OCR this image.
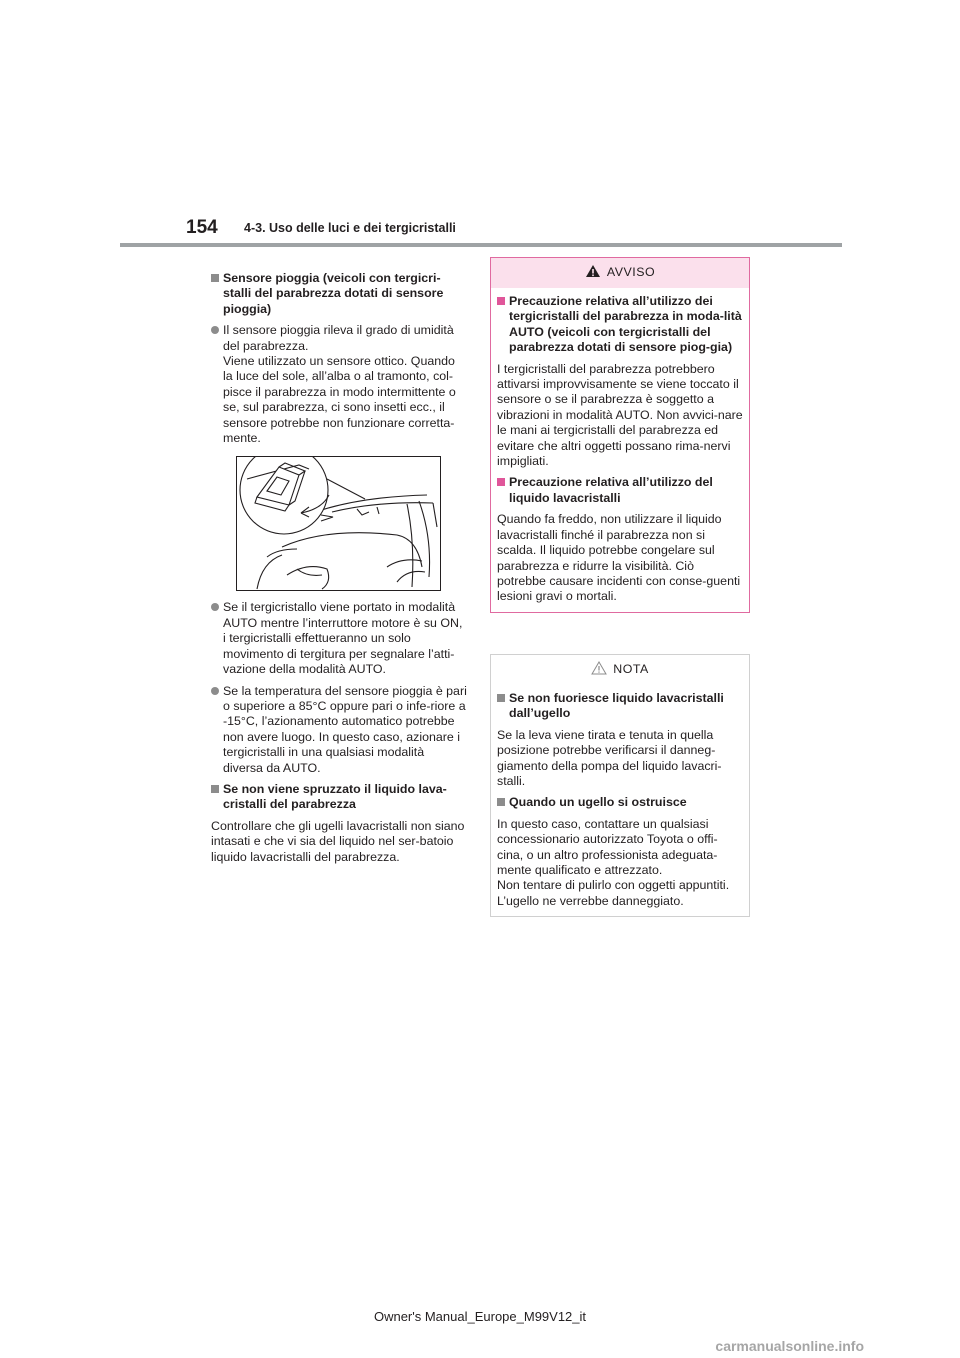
154 4-3. Uso delle luci e dei tergicristalli
Sensore pioggia (veicoli con tergicri-stalli del parabrezza dotati di sensore pioggia)
Il sensore pioggia rileva il grado di umidità del parabrezza.
Viene utilizzato un sensore ottico. Quando la luce del sole, all’alba o al tramonto, col-pisce il parabrezza in modo intermittente o se, sul parabrezza, ci sono insetti ecc., il sensore potrebbe non funzionare corretta-mente.
Se il tergicristallo viene portato in modalità AUTO mentre l’interruttore motore è su ON, i tergicristalli effettueranno un solo movimento di tergitura per segnalare l’atti-vazione della modalità AUTO.
Se la temperatura del sensore pioggia è pari o superiore a 85°C oppure pari o infe-riore a -15°C, l’azionamento automatico potrebbe non avere luogo. In questo caso, azionare i tergicristalli in una qualsiasi modalità diversa da AUTO.
Se non viene spruzzato il liquido lava-cristalli del parabrezza
Controllare che gli ugelli lavacristalli non siano intasati e che vi sia del liquido nel ser-batoio liquido lavacristalli del parabrezza.
AVVISO
Precauzione relativa all’utilizzo dei tergicristalli del parabrezza in moda-lità AUTO (veicoli con tergicristalli del parabrezza dotati di sensore piog-gia)
I tergicristalli del parabrezza potrebbero attivarsi improvvisamente se viene toccato il sensore o se il parabrezza è soggetto a vibrazioni in modalità AUTO. Non avvici-nare le mani ai tergicristalli del parabrezza ed evitare che altri oggetti possano rima-nervi impigliati.
Precauzione relativa all’utilizzo del liquido lavacristalli
Quando fa freddo, non utilizzare il liquido lavacristalli finché il parabrezza non si scalda. Il liquido potrebbe congelare sul parabrezza e ridurre la visibilità. Ciò potrebbe causare incidenti con conse-guenti lesioni gravi o mortali.
NOTA
Se non fuoriesce liquido lavacristalli dall’ugello
Se la leva viene tirata e tenuta in quella posizione potrebbe verificarsi il danneg-giamento della pompa del liquido lavacri-stalli.
Quando un ugello si ostruisce
In questo caso, contattare un qualsiasi concessionario autorizzato Toyota o offi-cina, o un altro professionista adeguata-mente qualificato e attrezzato.
Non tentare di pulirlo con oggetti appuntiti. L’ugello ne verrebbe danneggiato.
Owner's Manual_Europe_M99V12_it
carmanualsonline.info
